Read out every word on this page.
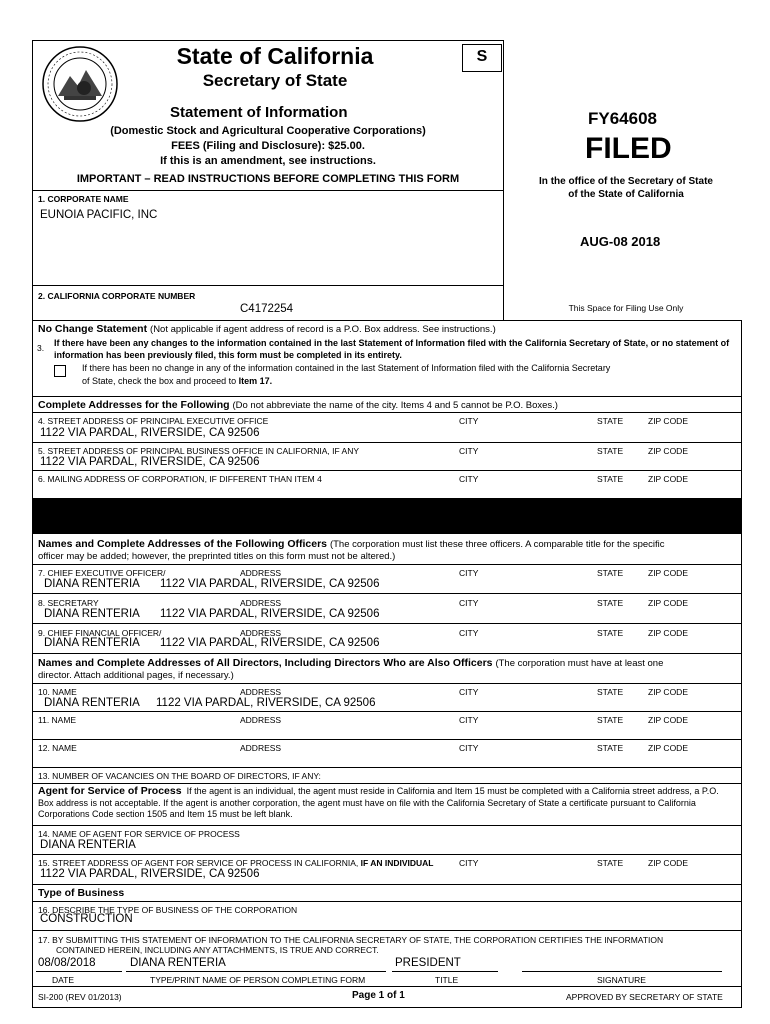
State of California
Secretary of State
S
Statement of Information
(Domestic Stock and Agricultural Cooperative Corporations)
FEES (Filing and Disclosure): $25.00.
If this is an amendment, see instructions.
IMPORTANT – READ INSTRUCTIONS BEFORE COMPLETING THIS FORM
FY64608
FILED
In the office of the Secretary of State
of the State of California
AUG-08 2018
This Space for Filing Use Only
1. CORPORATE NAME
EUNOIA PACIFIC, INC
2. CALIFORNIA CORPORATE NUMBER
C4172254
No Change Statement (Not applicable if agent address of record is a P.O. Box address. See instructions.)
3. If there have been any changes to the information contained in the last Statement of Information filed with the California Secretary of State, or no statement of information has been previously filed, this form must be completed in its entirety.
If there has been no change in any of the information contained in the last Statement of Information filed with the California Secretary
of State, check the box and proceed to Item 17.
Complete Addresses for the Following (Do not abbreviate the name of the city. Items 4 and 5 cannot be P.O. Boxes.)
4. STREET ADDRESS OF PRINCIPAL EXECUTIVE OFFICE	CITY	STATE	ZIP CODE
1122 VIA PARDAL, RIVERSIDE, CA 92506
5. STREET ADDRESS OF PRINCIPAL BUSINESS OFFICE IN CALIFORNIA, IF ANY	CITY	STATE	ZIP CODE
1122 VIA PARDAL, RIVERSIDE, CA 92506
6. MAILING ADDRESS OF CORPORATION, IF DIFFERENT THAN ITEM 4	CITY	STATE	ZIP CODE
Names and Complete Addresses of the Following Officers (The corporation must list these three officers. A comparable title for the specific
officer may be added; however, the preprinted titles on this form must not be altered.)
7. CHIEF EXECUTIVE OFFICER/	ADDRESS	CITY	STATE	ZIP CODE
DIANA RENTERIA 1122 VIA PARDAL, RIVERSIDE, CA 92506
8. SECRETARY	ADDRESS	CITY	STATE	ZIP CODE
DIANA RENTERIA 1122 VIA PARDAL, RIVERSIDE, CA 92506
9. CHIEF FINANCIAL OFFICER/	ADDRESS	CITY	STATE	ZIP CODE
DIANA RENTERIA 1122 VIA PARDAL, RIVERSIDE, CA 92506
Names and Complete Addresses of All Directors, Including Directors Who are Also Officers (The corporation must have at least one
director. Attach additional pages, if necessary.)
10. NAME	ADDRESS	CITY	STATE	ZIP CODE
DIANA RENTERIA 1122 VIA PARDAL, RIVERSIDE, CA 92506
11. NAME	ADDRESS	CITY	STATE	ZIP CODE
12. NAME	ADDRESS	CITY	STATE	ZIP CODE
13. NUMBER OF VACANCIES ON THE BOARD OF DIRECTORS, IF ANY:
Agent for Service of Process If the agent is an individual, the agent must reside in California and Item 15 must be completed with a California street address, a P.O. Box address is not acceptable. If the agent is another corporation, the agent must have on file with the California Secretary of State a certificate pursuant to California Corporations Code section 1505 and Item 15 must be left blank.
14. NAME OF AGENT FOR SERVICE OF PROCESS
DIANA RENTERIA
15. STREET ADDRESS OF AGENT FOR SERVICE OF PROCESS IN CALIFORNIA, IF AN INDIVIDUAL	CITY	STATE	ZIP CODE
1122 VIA PARDAL, RIVERSIDE, CA 92506
Type of Business
16. DESCRIBE THE TYPE OF BUSINESS OF THE CORPORATION
CONSTRUCTION
17. BY SUBMITTING THIS STATEMENT OF INFORMATION TO THE CALIFORNIA SECRETARY OF STATE, THE CORPORATION CERTIFIES THE INFORMATION
CONTAINED HEREIN, INCLUDING ANY ATTACHMENTS, IS TRUE AND CORRECT.
08/08/2018	DIANA RENTERIA	PRESIDENT
DATE	TYPE/PRINT NAME OF PERSON COMPLETING FORM	TITLE	SIGNATURE
SI-200 (REV 01/2013)	Page 1 of 1	APPROVED BY SECRETARY OF STATE
